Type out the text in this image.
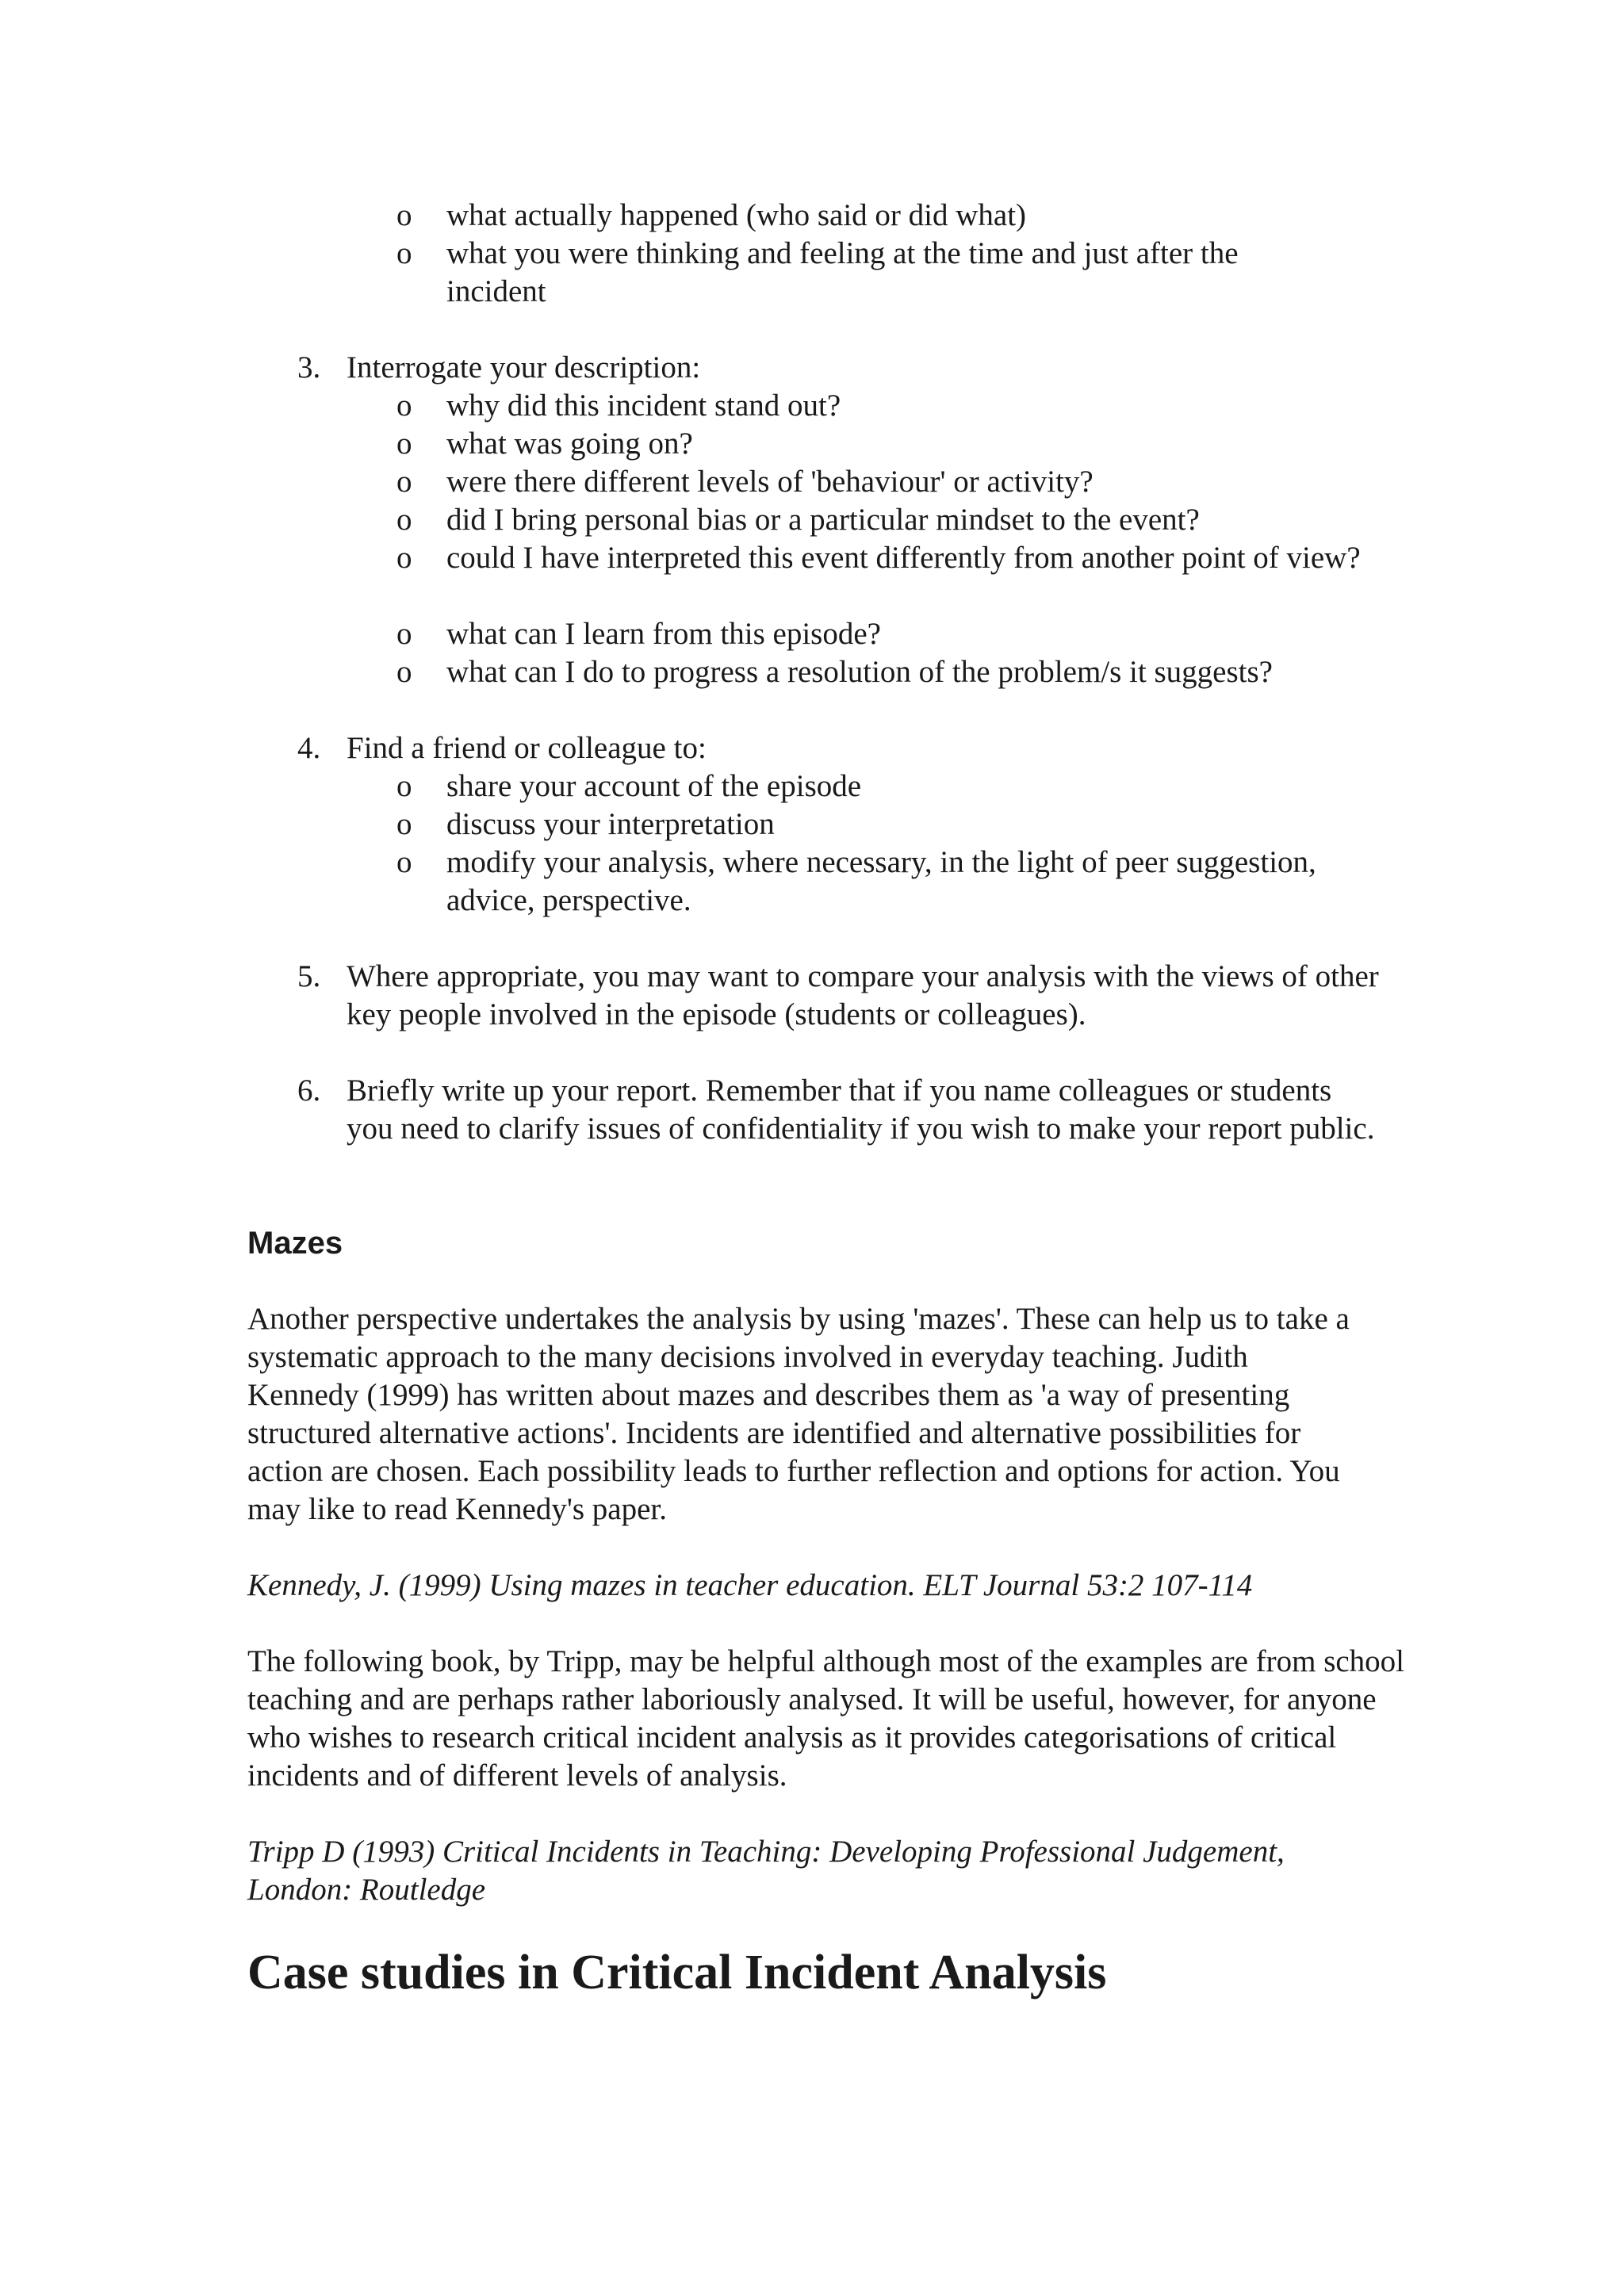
o what actually happened (who said or did what)

o what you were thinking and feeling at the time and just after the incident

3. Interrogate your description:

o why did this incident stand out?

o what was going on?

o were there different levels of 'behaviour' or activity?

o did I bring personal bias or a particular mindset to the event?

o could I have interpreted this event differently from another point of view?

o what can I learn from this episode?

o what can I do to progress a resolution of the problem/s it suggests?

4. Find a friend or colleague to:

o share your account of the episode

o discuss your interpretation

o modify your analysis, where necessary, in the light of peer suggestion, advice, perspective.

5. Where appropriate, you may want to compare your analysis with the views of other key people involved in the episode (students or colleagues).

6. Briefly write up your report. Remember that if you name colleagues or students you need to clarify issues of confidentiality if you wish to make your report public.

Mazes

Another perspective undertakes the analysis by using 'mazes'. These can help us to take a systematic approach to the many decisions involved in everyday teaching. Judith Kennedy (1999) has written about mazes and describes them as 'a way of presenting structured alternative actions'. Incidents are identified and alternative possibilities for action are chosen. Each possibility leads to further reflection and options for action. You may like to read Kennedy's paper.

Kennedy, J. (1999) Using mazes in teacher education. ELT Journal 53:2 107-114

The following book, by Tripp, may be helpful although most of the examples are from school teaching and are perhaps rather laboriously analysed. It will be useful, however, for anyone who wishes to research critical incident analysis as it provides categorisations of critical incidents and of different levels of analysis.

Tripp D (1993) Critical Incidents in Teaching: Developing Professional Judgement, London: Routledge

Case studies in Critical Incident Analysis
